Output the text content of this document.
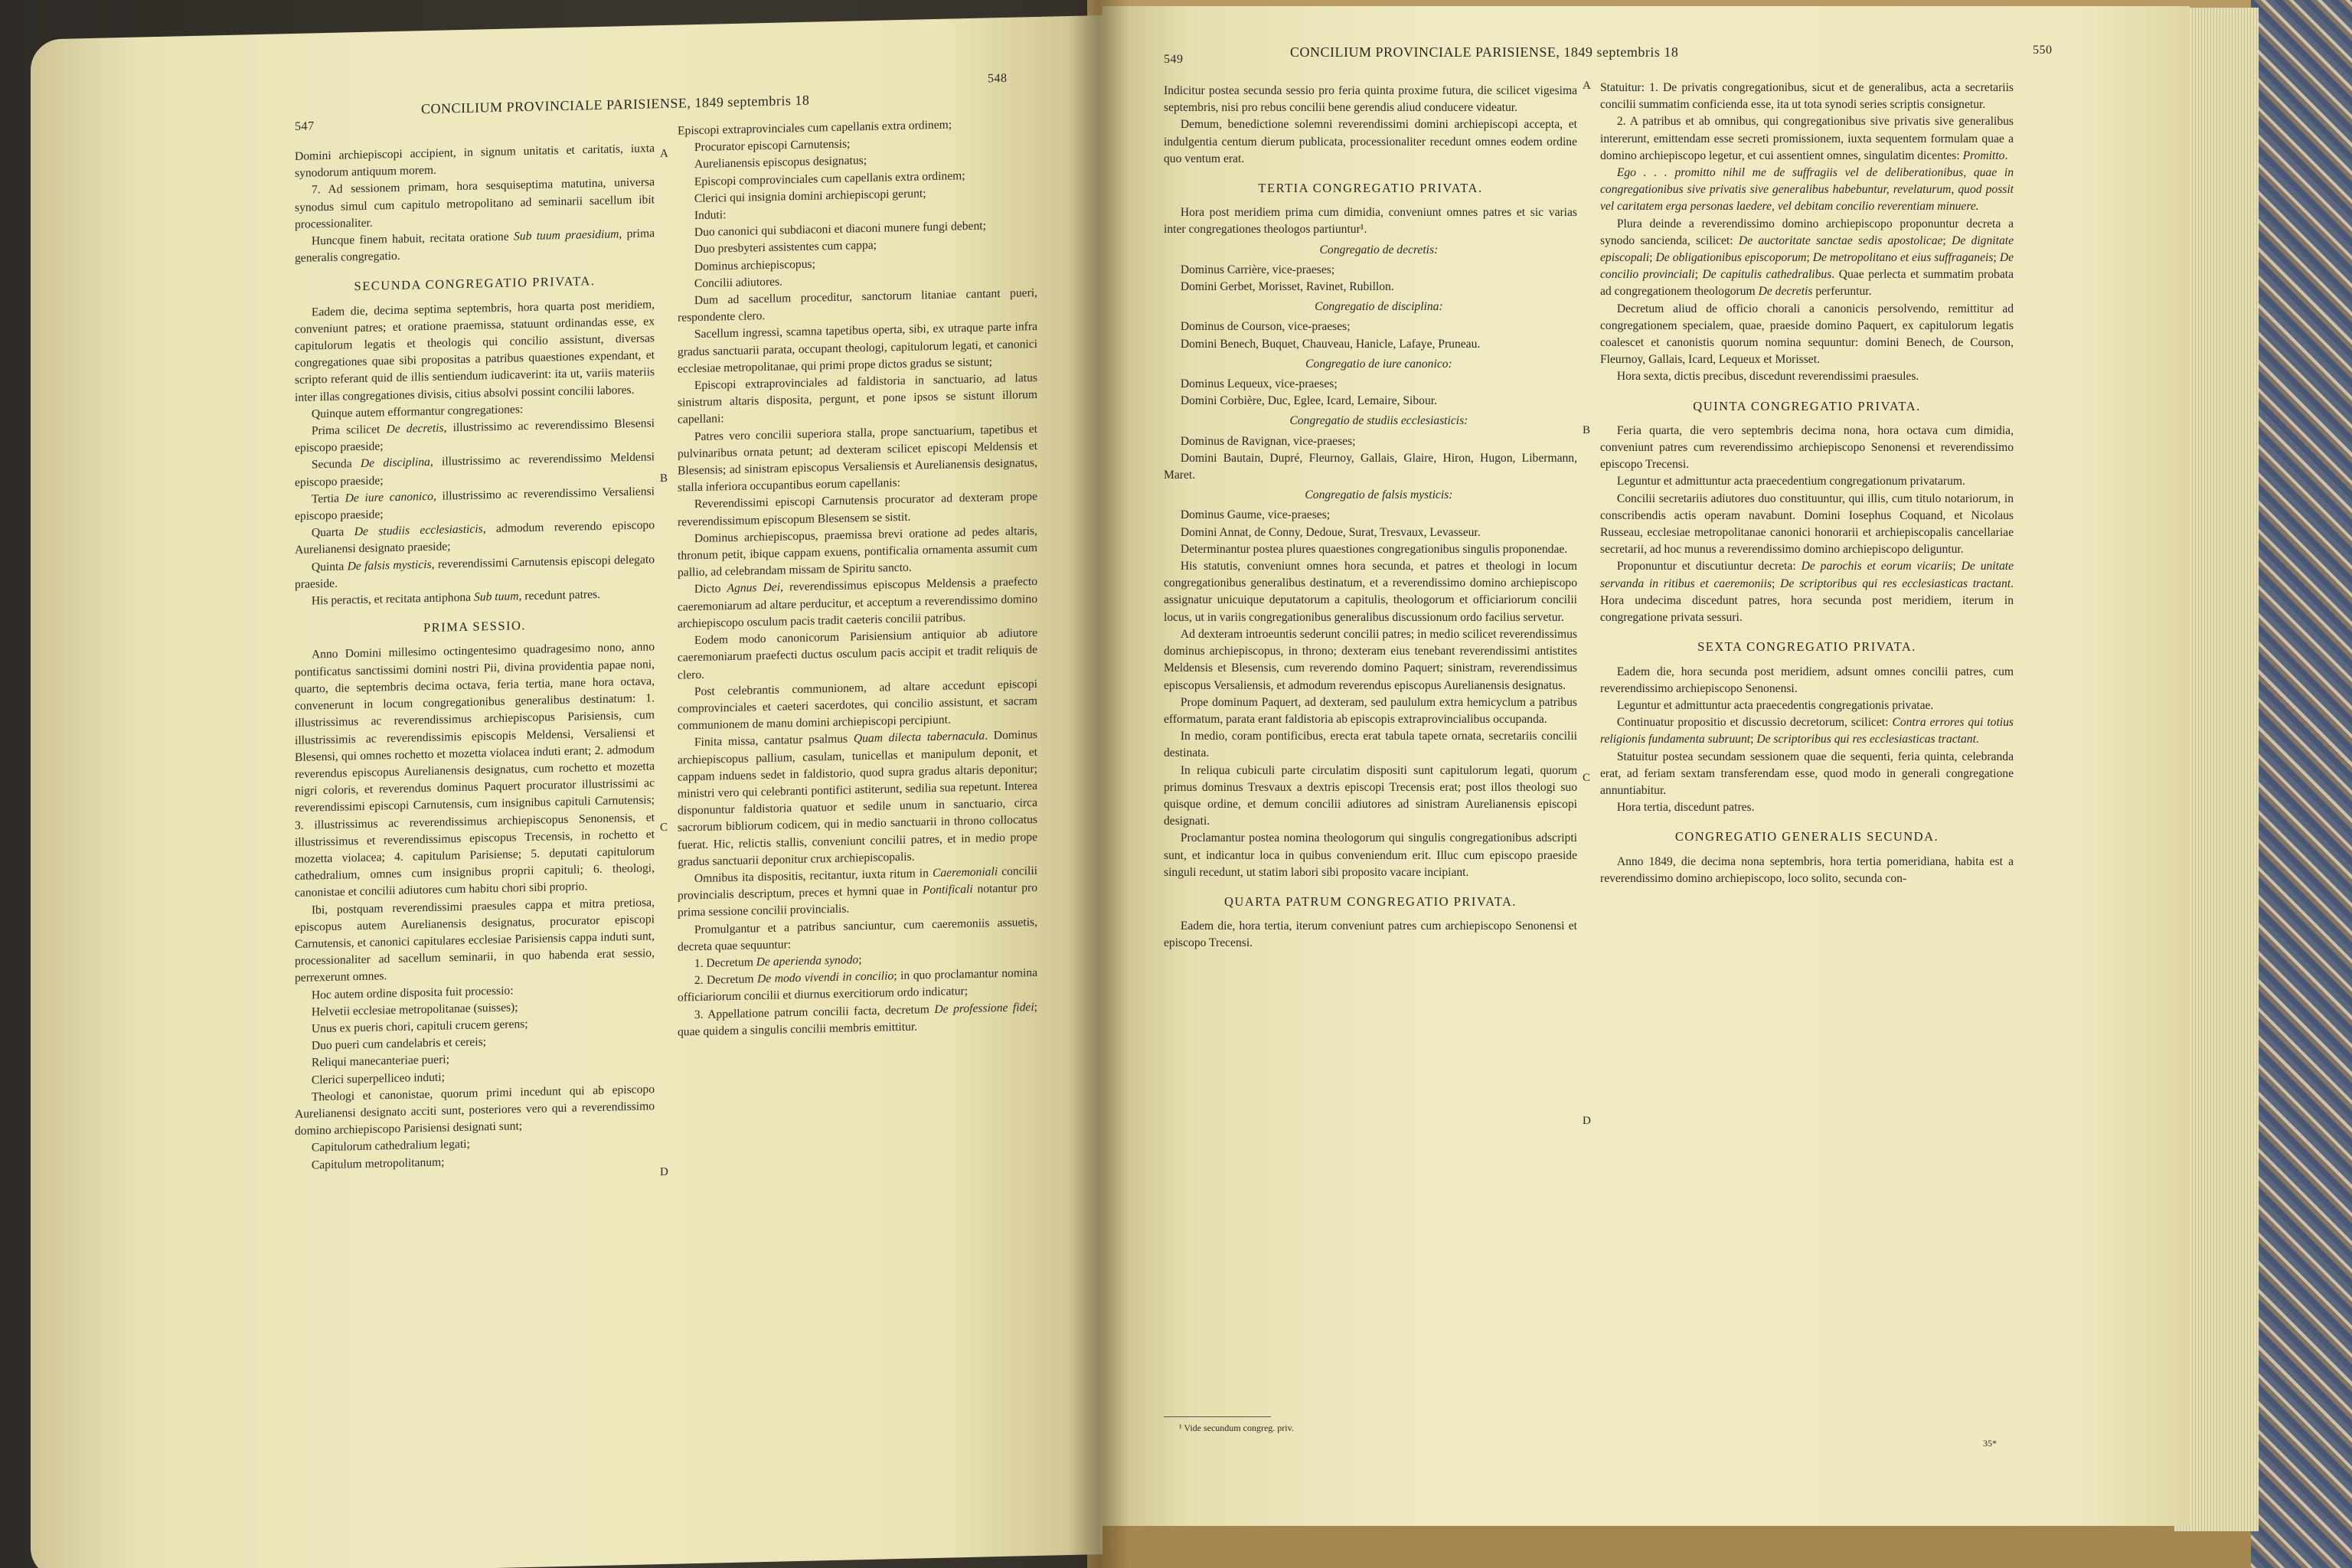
547
CONCILIUM PROVINCIALE PARISIENSE, 1849 septembris 18
548

Domini archiepiscopi accipient, in signum unitatis et caritatis, iuxta synodorum antiquum morem.

7. Ad sessionem primam, hora sesquiseptima matutina, universa synodus simul cum capitulo metropolitano ad seminarii sacellum ibit processionaliter.

Huncque finem habuit, recitata oratione Sub tuum praesidium, prima generalis congregatio.

SECUNDA CONGREGATIO PRIVATA.

Eadem die, decima septima septembris, hora quarta post meridiem, conveniunt patres; et oratione praemissa, statuunt ordinandas esse, ex capitulorum legatis et theologis qui concilio assistunt, diversas congregationes quae sibi propositas a patribus quaestiones expendant, et scripto referant quid de illis sentiendum iudicaverint: ita ut, variis materiis inter illas congregationes divisis, citius absolvi possint concilii labores.

Quinque autem efformantur congregationes:

Prima scilicet De decretis, illustrissimo ac reverendissimo Blesensi episcopo praeside;

Secunda De disciplina, illustrissimo ac reverendissimo Meldensi episcopo praeside;

Tertia De iure canonico, illustrissimo ac reverendissimo Versaliensi episcopo praeside;

Quarta De studiis ecclesiasticis, admodum reverendo episcopo Aurelianensi designato praeside;

Quinta De falsis mysticis, reverendissimi Carnutensis episcopi delegato praeside.

His peractis, et recitata antiphona Sub tuum, recedunt patres.

PRIMA SESSIO.

Anno Domini millesimo octingentesimo quadragesimo nono, anno pontificatus sanctissimi domini nostri Pii, divina providentia papae noni, quarto, die septembris decima octava, feria tertia, mane hora octava, convenerunt in locum congregationibus generalibus destinatum: 1. illustrissimus ac reverendissimus archiepiscopus Parisiensis, cum illustrissimis ac reverendissimis episcopis Meldensi, Versaliensi et Blesensi, qui omnes rochetto et mozetta violacea induti erant; 2. admodum reverendus episcopus Aurelianensis designatus, cum rochetto et mozetta nigri coloris, et reverendus dominus Paquert procurator illustrissimi ac reverendissimi episcopi Carnutensis, cum insignibus capituli Carnutensis; 3. illustrissimus ac reverendissimus archiepiscopus Senonensis, et illustrissimus et reverendissimus episcopus Trecensis, in rochetto et mozetta violacea; 4. capitulum Parisiense; 5. deputati capitulorum cathedralium, omnes cum insignibus proprii capituli; 6. theologi, canonistae et concilii adiutores cum habitu chori sibi proprio.

Ibi, postquam reverendissimi praesules cappa et mitra pretiosa, episcopus autem Aurelianensis designatus, procurator episcopi Carnutensis, et canonici capitulares ecclesiae Parisiensis cappa induti sunt, processionaliter ad sacellum seminarii, in quo habenda erat sessio, perrexerunt omnes.

Hoc autem ordine disposita fuit processio:

Helvetii ecclesiae metropolitanae (suisses);

Unus ex pueris chori, capituli crucem gerens;

Duo pueri cum candelabris et cereis;

Reliqui manecanteriae pueri;

Clerici superpelliceo induti;

Theologi et canonistae, quorum primi incedunt qui ab episcopo Aurelianensi designato acciti sunt, posteriores vero qui a reverendissimo domino archiepiscopo Parisiensi designati sunt;

Capitulorum cathedralium legati;

Capitulum metropolitanum;

Episcopi extraprovinciales cum capellanis extra ordinem;

Procurator episcopi Carnutensis;

Aurelianensis episcopus designatus;

Episcopi comprovinciales cum capellanis extra ordinem;

Clerici qui insignia domini archiepiscopi gerunt;

Induti:

Duo canonici qui subdiaconi et diaconi munere fungi debent;

Duo presbyteri assistentes cum cappa;

Dominus archiepiscopus;

Concilii adiutores.

Dum ad sacellum proceditur, sanctorum litaniae cantant pueri, respondente clero.

Sacellum ingressi, scamna tapetibus operta, sibi, ex utraque parte infra gradus sanctuarii parata, occupant theologi, capitulorum legati, et canonici ecclesiae metropolitanae, qui primi prope dictos gradus se sistunt;

Episcopi extraprovinciales ad faldistoria in sanctuario, ad latus sinistrum altaris disposita, pergunt, et pone ipsos se sistunt illorum capellani:

Patres vero concilii superiora stalla, prope sanctuarium, tapetibus et pulvinaribus ornata petunt; ad dexteram scilicet episcopi Meldensis et Blesensis; ad sinistram episcopus Versaliensis et Aurelianensis designatus, stalla inferiora occupantibus eorum capellanis:

Reverendissimi episcopi Carnutensis procurator ad dexteram prope reverendissimum episcopum Blesensem se sistit.

Dominus archiepiscopus, praemissa brevi oratione ad pedes altaris, thronum petit, ibique cappam exuens, pontificalia ornamenta assumit cum pallio, ad celebrandam missam de Spiritu sancto.

Dicto Agnus Dei, reverendissimus episcopus Meldensis a praefecto caeremoniarum ad altare perducitur, et acceptum a reverendissimo domino archiepiscopo osculum pacis tradit caeteris concilii patribus.

Eodem modo canonicorum Parisiensium antiquior ab adiutore caeremoniarum praefecti ductus osculum pacis accipit et tradit reliquis de clero.

Post celebrantis communionem, ad altare accedunt episcopi comprovinciales et caeteri sacerdotes, qui concilio assistunt, et sacram communionem de manu domini archiepiscopi percipiunt.

Finita missa, cantatur psalmus Quam dilecta tabernacula. Dominus archiepiscopus pallium, casulam, tunicellas et manipulum deponit, et cappam induens sedet in faldistorio, quod supra gradus altaris deponitur; ministri vero qui celebranti pontifici astiterunt, sedilia sua repetunt. Interea disponuntur faldistoria quatuor et sedile unum in sanctuario, circa sacrorum bibliorum codicem, qui in medio sanctuarii in throno collocatus fuerat. Hic, relictis stallis, conveniunt concilii patres, et in medio prope gradus sanctuarii deponitur crux archiepiscopalis.

Omnibus ita dispositis, recitantur, iuxta ritum in Caeremoniali concilii provincialis descriptum, preces et hymni quae in Pontificali notantur pro prima sessione concilii provincialis.

Promulgantur et a patribus sanciuntur, cum caeremoniis assuetis, decreta quae sequuntur:

1. Decretum De aperienda synodo;

2. Decretum De modo vivendi in concilio; in quo proclamantur nomina officiariorum concilii et diurnus exercitiorum ordo indicatur;

3. Appellatione patrum concilii facta, decretum De professione fidei; quae quidem a singulis concilii membris emittitur.

A
B
C
D
549	CONCILIUM PROVINCIALE PARISIENSE, 1849 septembris 18	550

Indicitur postea secunda sessio pro feria quinta proxime futura, die scilicet vigesima septembris, nisi pro rebus concilii bene gerendis aliud conducere videatur.

Demum, benedictione solemni reverendissimi domini archiepiscopi accepta, et indulgentia centum dierum publicata, processionaliter recedunt omnes eodem ordine quo ventum erat.

TERTIA CONGREGATIO PRIVATA.

Hora post meridiem prima cum dimidia, conveniunt omnes patres et sic varias inter congregationes theologos partiuntur¹.

Congregatio de decretis:

Dominus Carrière, vice-praeses;

Domini Gerbet, Morisset, Ravinet, Rubillon.

Congregatio de disciplina:

Dominus de Courson, vice-praeses;

Domini Benech, Buquet, Chauveau, Hanicle, Lafaye, Pruneau.

Congregatio de iure canonico:

Dominus Lequeux, vice-praeses;

Domini Corbière, Duc, Eglee, Icard, Lemaire, Sibour.

Congregatio de studiis ecclesiasticis:

Dominus de Ravignan, vice-praeses;

Domini Bautain, Dupré, Fleurnoy, Gallais, Glaire, Hiron, Hugon, Libermann, Maret.

Congregatio de falsis mysticis:

Dominus Gaume, vice-praeses;

Domini Annat, de Conny, Dedoue, Surat, Tresvaux, Levasseur.

Determinantur postea plures quaestiones congregationibus singulis proponendae.

His statutis, conveniunt omnes hora secunda, et patres et theologi in locum congregationibus generalibus destinatum, et a reverendissimo domino archiepiscopo assignatur unicuique deputatorum a capitulis, theologorum et officiariorum concilii locus, ut in variis congregationibus generalibus discussionum ordo facilius servetur.

Ad dexteram introeuntis sederunt concilii patres; in medio scilicet reverendissimus dominus archiepiscopus, in throno; dexteram eius tenebant reverendissimi antistites Meldensis et Blesensis, cum reverendo domino Paquert; sinistram, reverendissimus episcopus Versaliensis, et admodum reverendus episcopus Aurelianensis designatus.

Prope dominum Paquert, ad dexteram, sed paululum extra hemicyclum a patribus efformatum, parata erant faldistoria ab episcopis extraprovincialibus occupanda.

In medio, coram pontificibus, erecta erat tabula tapete ornata, secretariis concilii destinata.

In reliqua cubiculi parte circulatim dispositi sunt capitulorum legati, quorum primus dominus Tresvaux a dextris episcopi Trecensis erat; post illos theologi suo quisque ordine, et demum concilii adiutores ad sinistram Aurelianensis episcopi designati.

Proclamantur postea nomina theologorum qui singulis congregationibus adscripti sunt, et indicantur loca in quibus conveniendum erit. Illuc cum episcopo praeside singuli recedunt, ut statim labori sibi proposito vacare incipiant.

QUARTA PATRUM CONGREGATIO PRIVATA.

Eadem die, hora tertia, iterum conveniunt patres cum archiepiscopo Senonensi et episcopo Trecensi.

Statuitur: 1. De privatis congregationibus, sicut et de generalibus, acta a secretariis concilii summatim conficienda esse, ita ut tota synodi series scriptis consignetur.

2. A patribus et ab omnibus, qui congregationibus sive privatis sive generalibus intererunt, emittendam esse secreti promissionem, iuxta sequentem formulam quae a domino archiepiscopo legetur, et cui assentient omnes, singulatim dicentes: Promitto.

Ego . . . promitto nihil me de suffragiis vel de deliberationibus, quae in congregationibus sive privatis sive generalibus habebuntur, revelaturum, quod possit vel caritatem erga personas laedere, vel debitam concilio reverentiam minuere.

Plura deinde a reverendissimo domino archiepiscopo proponuntur decreta a synodo sancienda, scilicet: De auctoritate sanctae sedis apostolicae; De dignitate episcopali; De obligationibus episcoporum; De metropolitano et eius suffraganeis; De concilio provinciali; De capitulis cathedralibus. Quae perlecta et summatim probata ad congregationem theologorum De decretis perferuntur.

Decretum aliud de officio chorali a canonicis persolvendo, remittitur ad congregationem specialem, quae, praeside domino Paquert, ex capitulorum legatis coalescet et canonistis quorum nomina sequuntur: domini Benech, de Courson, Fleurnoy, Gallais, Icard, Lequeux et Morisset.

Hora sexta, dictis precibus, discedunt reverendissimi praesules.

QUINTA CONGREGATIO PRIVATA.

Feria quarta, die vero septembris decima nona, hora octava cum dimidia, conveniunt patres cum reverendissimo archiepiscopo Senonensi et reverendissimo episcopo Trecensi.

Leguntur et admittuntur acta praecedentium congregationum privatarum.

Concilii secretariis adiutores duo constituuntur, qui illis, cum titulo notariorum, in conscribendis actis operam navabunt. Domini Iosephus Coquand, et Nicolaus Russeau, ecclesiae metropolitanae canonici honorarii et archiepiscopalis cancellariae secretarii, ad hoc munus a reverendissimo domino archiepiscopo deliguntur.

Proponuntur et discutiuntur decreta: De parochis et eorum vicariis; De unitate servanda in ritibus et caeremoniis; De scriptoribus qui res ecclesiasticas tractant. Hora undecima discedunt patres, hora secunda post meridiem, iterum in congregatione privata sessuri.

SEXTA CONGREGATIO PRIVATA.

Eadem die, hora secunda post meridiem, adsunt omnes concilii patres, cum reverendissimo archiepiscopo Senonensi.

Leguntur et admittuntur acta praecedentis congregationis privatae.

Continuatur propositio et discussio decretorum, scilicet: Contra errores qui totius religionis fundamenta subruunt; De scriptoribus qui res ecclesiasticas tractant.

Statuitur postea secundam sessionem quae die sequenti, feria quinta, celebranda erat, ad feriam sextam transferendam esse, quod modo in generali congregatione annuntiabitur.

Hora tertia, discedunt patres.

CONGREGATIO GENERALIS SECUNDA.

Anno 1849, die decima nona septembris, hora tertia pomeridiana, habita est a reverendissimo domino archiepiscopo, loco solito, secunda con-

A
B
C
D
¹ Vide secundum congreg. priv.
35*
